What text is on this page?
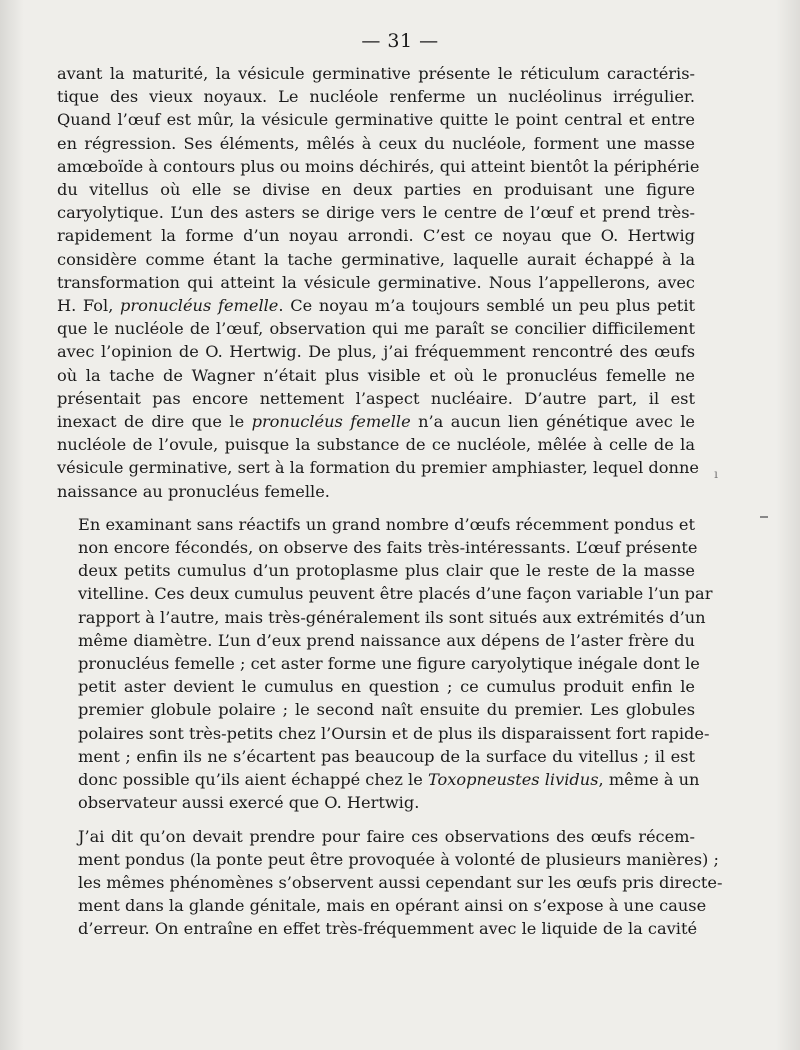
— 31 —

avant la maturité, la vésicule germinative présente le réticulum caractéris-
tique des vieux noyaux. Le nucléole renferme un nucléolinus irrégulier.
Quand l’œuf est mûr, la vésicule germinative quitte le point central et entre
en régression. Ses éléments, mêlés à ceux du nucléole, forment une masse
amœboïde à contours plus ou moins déchirés, qui atteint bientôt la périphérie
du vitellus où elle se divise en deux parties en produisant une figure
caryolytique. L’un des asters se dirige vers le centre de l’œuf et prend très-
rapidement la forme d’un noyau arrondi. C’est ce noyau que O. Hertwig
considère comme étant la tache germinative, laquelle aurait échappé à la
transformation qui atteint la vésicule germinative. Nous l’appellerons, avec
H. Fol, pronucléus femelle. Ce noyau m’a toujours semblé un peu plus petit
que le nucléole de l’œuf, observation qui me paraît se concilier difficilement
avec l’opinion de O. Hertwig. De plus, j’ai fréquemment rencontré des œufs
où la tache de Wagner n’était plus visible et où le pronucléus femelle ne
présentait pas encore nettement l’aspect nucléaire. D’autre part, il est
inexact de dire que le pronucléus femelle n’a aucun lien génétique avec le
nucléole de l’ovule, puisque la substance de ce nucléole, mêlée à celle de la
vésicule germinative, sert à la formation du premier amphiaster, lequel donne
naissance au pronucléus femelle.

En examinant sans réactifs un grand nombre d’œufs récemment pondus et
non encore fécondés, on observe des faits très-intéressants. L’œuf présente
deux petits cumulus d’un protoplasme plus clair que le reste de la masse
vitelline. Ces deux cumulus peuvent être placés d’une façon variable l’un par
rapport à l’autre, mais très-généralement ils sont situés aux extrémités d’un
même diamètre. L’un d’eux prend naissance aux dépens de l’aster frère du
pronucléus femelle ; cet aster forme une figure caryolytique inégale dont le
petit aster devient le cumulus en question ; ce cumulus produit enfin le
premier globule polaire ; le second naît ensuite du premier. Les globules
polaires sont très-petits chez l’Oursin et de plus ils disparaissent fort rapide-
ment ; enfin ils ne s’écartent pas beaucoup de la surface du vitellus ; il est
donc possible qu’ils aient échappé chez le Toxopneustes lividus, même à un
observateur aussi exercé que O. Hertwig.

J’ai dit qu’on devait prendre pour faire ces observations des œufs récem-
ment pondus (la ponte peut être provoquée à volonté de plusieurs manières) ;
les mêmes phénomènes s’observent aussi cependant sur les œufs pris directe-
ment dans la glande génitale, mais en opérant ainsi on s’expose à une cause
d’erreur. On entraîne en effet très-fréquemment avec le liquide de la cavité

ı
